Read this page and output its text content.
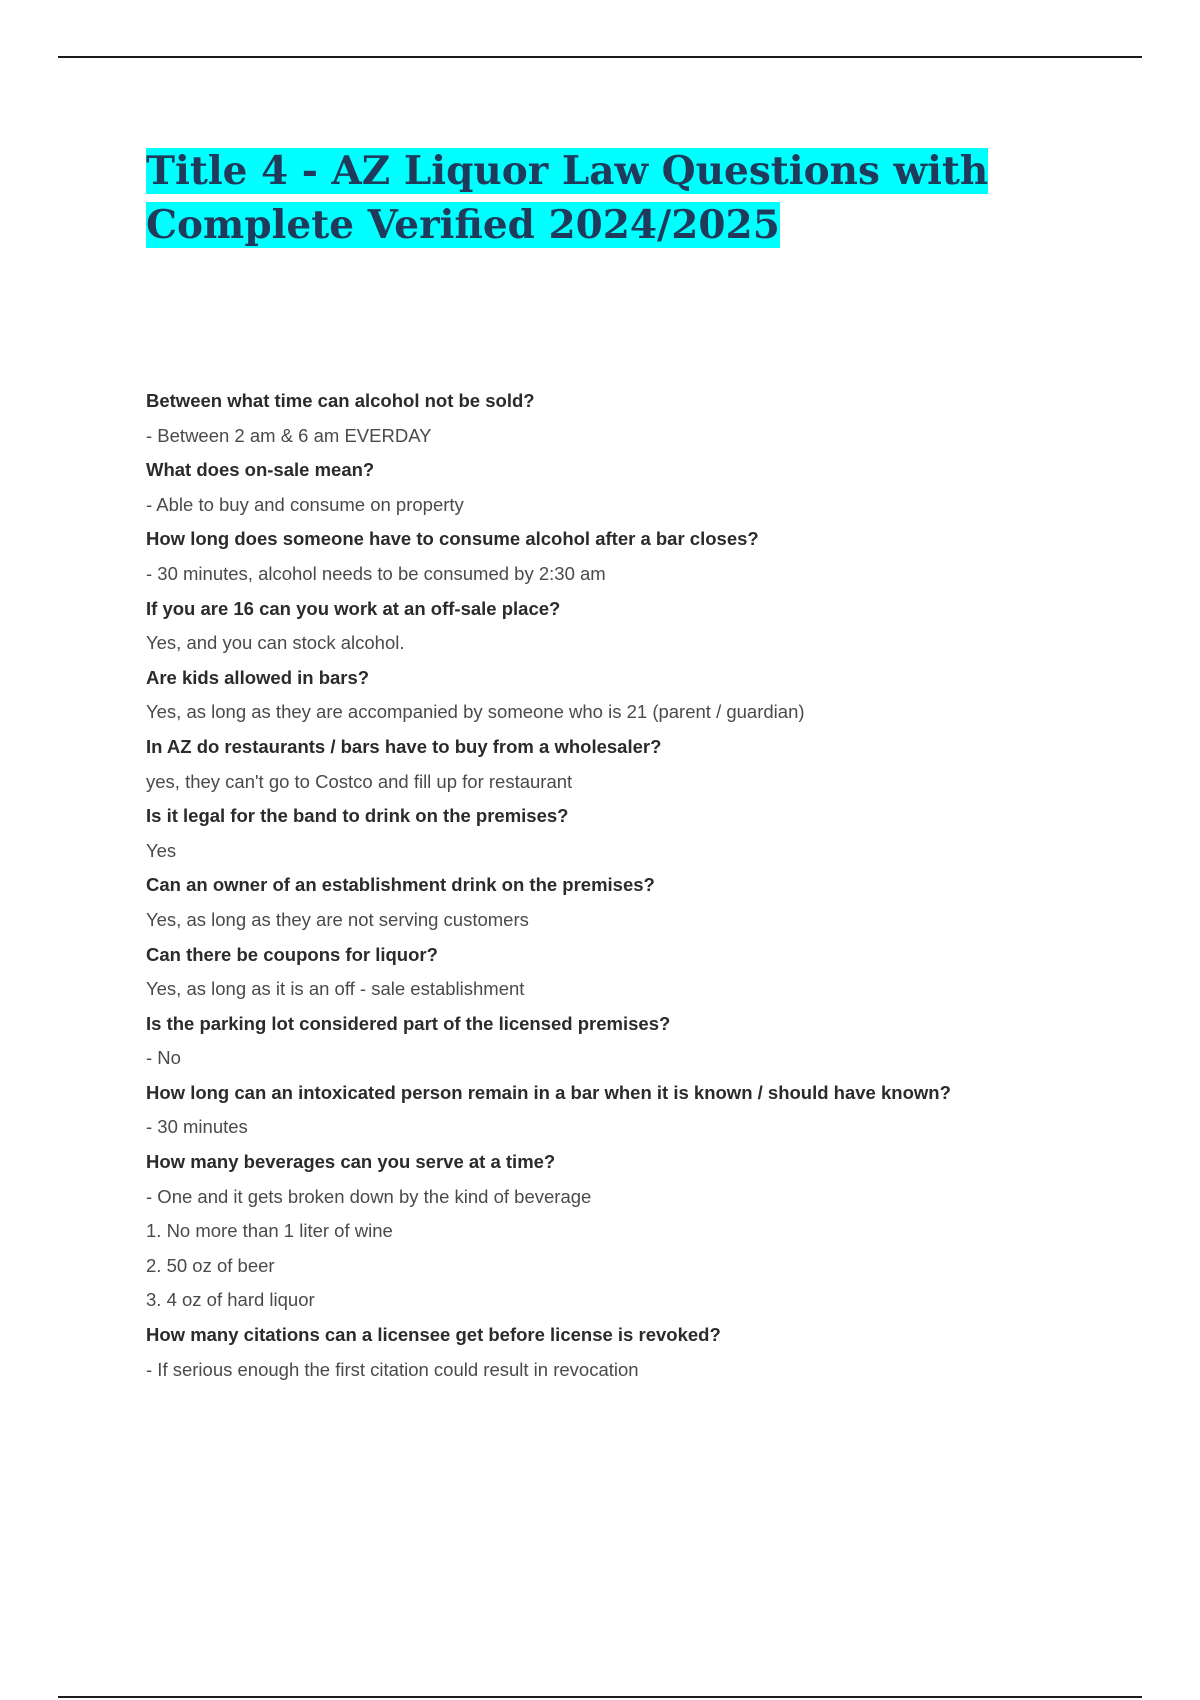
Title 4 - AZ Liquor Law Questions with
Complete Verified 2024/2025
Between what time can alcohol not be sold?
- Between 2 am & 6 am EVERDAY
What does on-sale mean?
- Able to buy and consume on property
How long does someone have to consume alcohol after a bar closes?
- 30 minutes, alcohol needs to be consumed by 2:30 am
If you are 16 can you work at an off-sale place?
Yes, and you can stock alcohol.
Are kids allowed in bars?
Yes, as long as they are accompanied by someone who is 21 (parent / guardian)
In AZ do restaurants / bars have to buy from a wholesaler?
yes, they can't go to Costco and fill up for restaurant
Is it legal for the band to drink on the premises?
Yes
Can an owner of an establishment drink on the premises?
Yes, as long as they are not serving customers
Can there be coupons for liquor?
Yes, as long as it is an off - sale establishment
Is the parking lot considered part of the licensed premises?
- No
How long can an intoxicated person remain in a bar when it is known / should have known?
- 30 minutes
How many beverages can you serve at a time?
- One and it gets broken down by the kind of beverage
1. No more than 1 liter of wine
2. 50 oz of beer
3. 4 oz of hard liquor
How many citations can a licensee get before license is revoked?
- If serious enough the first citation could result in revocation
